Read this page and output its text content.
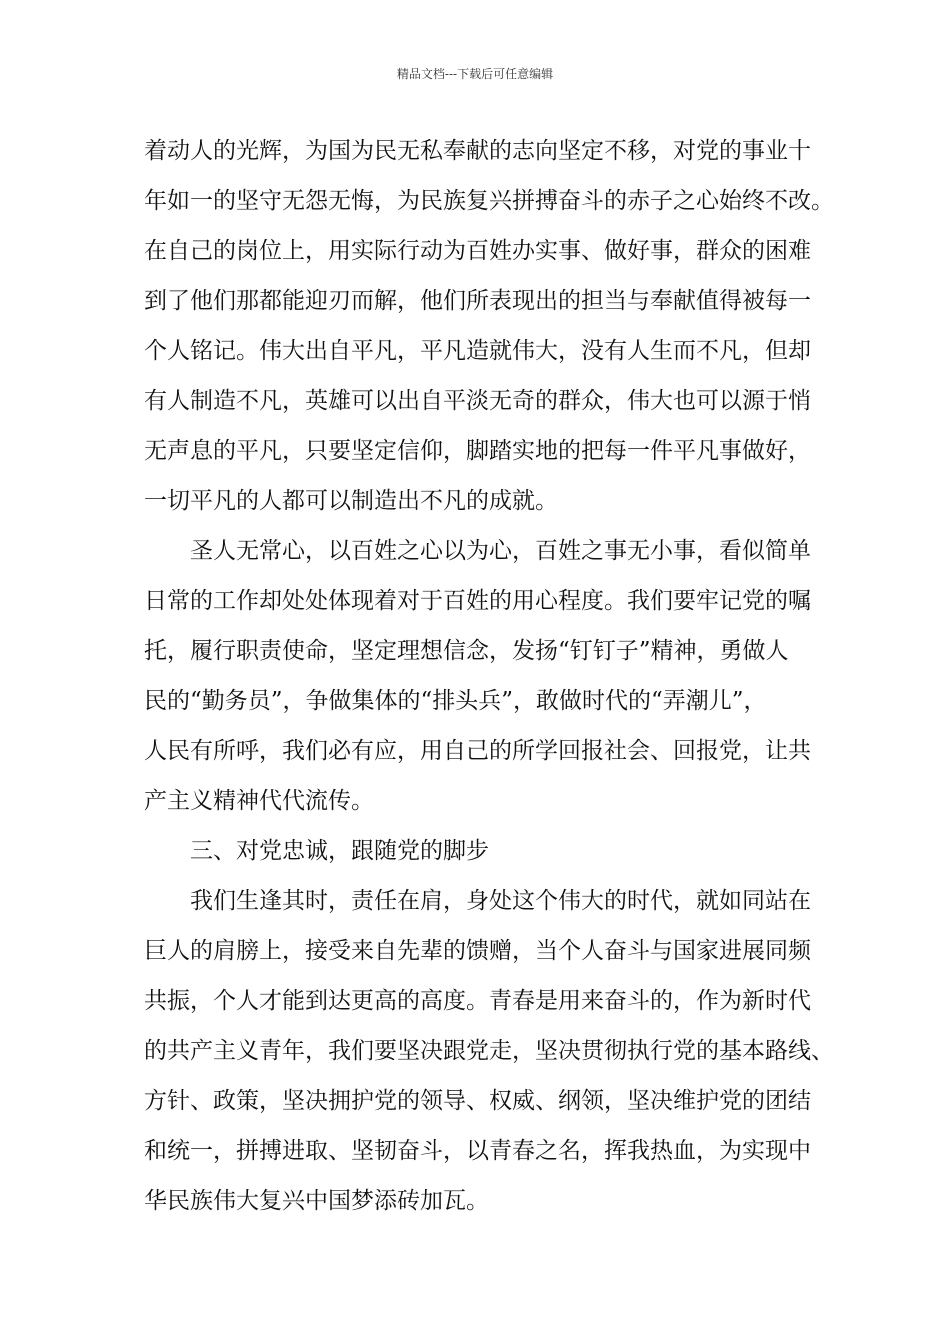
精品文档---下载后可任意编辑
着动人的光辉，为国为民无私奉献的志向坚定不移，对党的事业十
年如一的坚守无怨无悔，为民族复兴拼搏奋斗的赤子之心始终不改。
在自己的岗位上，用实际行动为百姓办实事、做好事，群众的困难
到了他们那都能迎刃而解，他们所表现出的担当与奉献值得被每一
个人铭记。伟大出自平凡，平凡造就伟大，没有人生而不凡，但却
有人制造不凡，英雄可以出自平淡无奇的群众，伟大也可以源于悄
无声息的平凡，只要坚定信仰，脚踏实地的把每一件平凡事做好，
一切平凡的人都可以制造出不凡的成就。
圣人无常心，以百姓之心以为心，百姓之事无小事，看似简单
日常的工作却处处体现着对于百姓的用心程度。我们要牢记党的嘱
托，履行职责使命，坚定理想信念，发扬“钉钉子”精神，勇做人
民的“勤务员”，争做集体的“排头兵”，敢做时代的“弄潮儿”，
人民有所呼，我们必有应，用自己的所学回报社会、回报党，让共
产主义精神代代流传。
三、对党忠诚，跟随党的脚步
我们生逢其时，责任在肩，身处这个伟大的时代，就如同站在
巨人的肩膀上，接受来自先辈的馈赠，当个人奋斗与国家进展同频
共振，个人才能到达更高的高度。青春是用来奋斗的，作为新时代
的共产主义青年，我们要坚决跟党走，坚决贯彻执行党的基本路线、
方针、政策，坚决拥护党的领导、权威、纲领，坚决维护党的团结
和统一，拼搏进取、坚韧奋斗，以青春之名，挥我热血，为实现中
华民族伟大复兴中国梦添砖加瓦。
